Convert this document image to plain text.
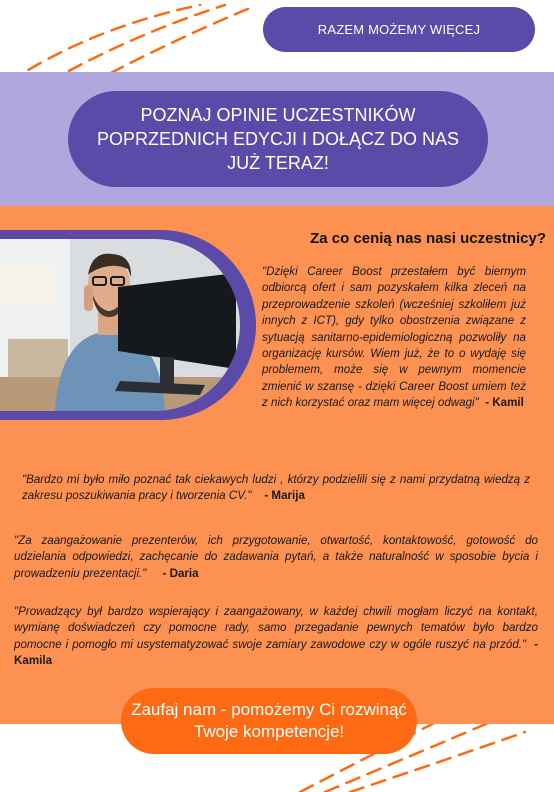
RAZEM MOŻEMY WIĘCEJ
POZNAJ OPINIE UCZESTNIKÓW POPRZEDNICH EDYCJI I DOŁĄCZ DO NAS JUŻ TERAZ!
Za co cenią nas nasi uczestnicy?
"Dzięki Career Boost przestałem być biernym odbiorcą ofert i sam pozyskałem kilka zleceń na przeprowadzenie szkoleń (wcześniej szkoliłem już innych z ICT), gdy tylko obostrzenia związane z sytuacją sanitarno-epidemiologiczną pozwoliły na organizację kursów. Wiem już, że to o wydaję się problemem, może się w pewnym momencie zmienić w szansę - dzięki Career Boost umiem też z nich korzystać oraz mam więcej odwagi" - Kamil
"Bardzo mi było miło poznać tak ciekawych ludzi , którzy podzielili się z nami przydatną wiedzą z zakresu poszukiwania pracy i tworzenia CV." - Marija
"Za zaangażowanie prezenterów, ich przygotowanie, otwartość, kontaktowość, gotowość do udzielania odpowiedzi, zachęcanie do zadawania pytań, a także naturalność w sposobie bycia i prowadzeniu prezentacji." - Daria
"Prowadzący był bardzo wspierający i zaangażowany, w każdej chwili mogłam liczyć na kontakt, wymianę doświadczeń czy pomocne rady, samo przegadanie pewnych tematów było bardzo pomocne i pomogło mi usystematyzować swoje zamiary zawodowe czy w ogóle ruszyć na przód." - Kamila
Zaufaj nam - pomożemy Ci rozwinąć Twoje kompetencje!
